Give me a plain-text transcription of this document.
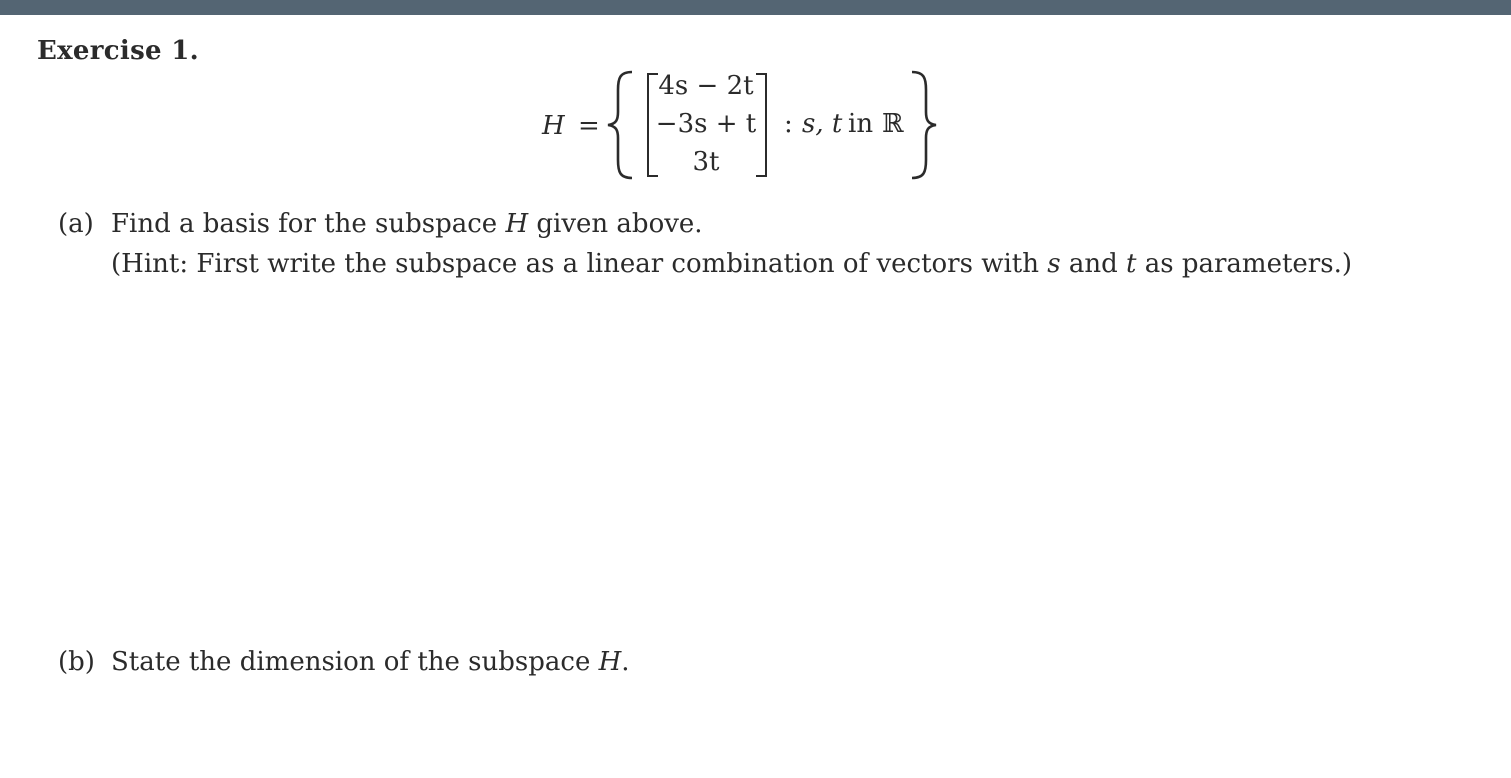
Exercise 1.
H =
4s − 2t
−3s + t
3t
: s, t in ℝ
(a) Find a basis for the subspace H given above.
(Hint: First write the subspace as a linear combination of vectors with s and t as parameters.)
(b) State the dimension of the subspace H.
